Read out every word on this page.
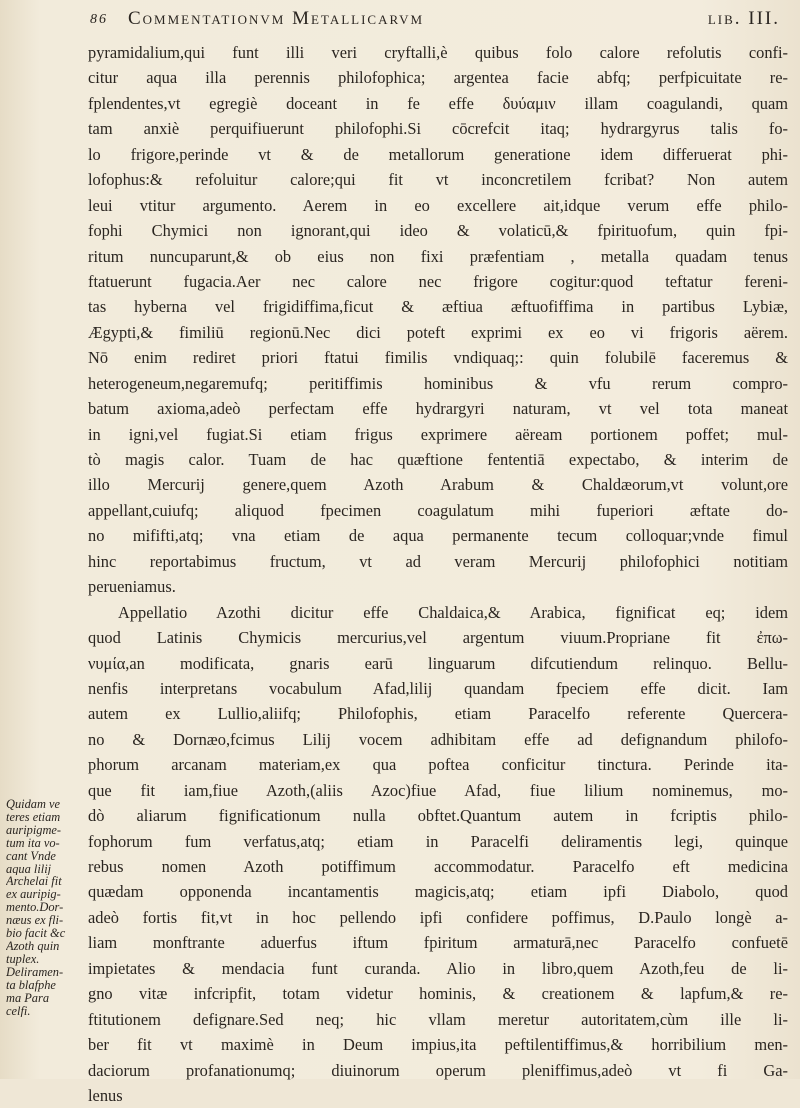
86 Commentationvm Metallicarvm	lib. III.
pyramidalium,qui funt illi veri cryftalli,è quibus folo calore refolutis confi-
citur aqua illa perennis philofophica; argentea facie abfq; perfpicuitate re-
fplendentes,vt egregiè doceant in fe effe δυύαμιν illam coagulandi, quam
tam anxiè perquifiuerunt philofophi.Si cōcrefcit itaq; hydrargyrus talis fo-
lo frigore,perinde vt & de metallorum generatione idem differuerat phi-
lofophus:& refoluitur calore;qui fit vt inconcretilem fcribat? Non autem
leui vtitur argumento. Aerem in eo excellere ait,idque verum effe philo-
fophi Chymici non ignorant,qui ideo & volaticū,& fpirituofum, quin fpi-
ritum nuncuparunt,& ob eius non fixi præfentiam , metalla quadam tenus
ftatuerunt fugacia.Aer nec calore nec frigore cogitur:quod teftatur fereni-
tas hyberna vel frigidiffima,ficut & æftiua æftuofiffima in partibus Lybiæ,
Ægypti,& fimiliū regionū.Nec dici poteft exprimi ex eo vi frigoris aërem.
Nō enim rediret priori ftatui fimilis vndiquaq;: quin folubilē faceremus &
heterogeneum,negaremufq; peritiffimis hominibus & vfu rerum compro-
batum axioma,adeò perfectam effe hydrargyri naturam, vt vel tota maneat
in igni,vel fugiat.Si etiam frigus exprimere aëream portionem poffet; mul-
tò magis calor. Tuam de hac quæftione fententiā expectabo, & interim de
illo Mercurij genere,quem Azoth Arabum & Chaldæorum,vt volunt,ore
appellant,cuiufq; aliquod fpecimen coagulatum mihi fuperiori æftate do-
no mififti,atq; vna etiam de aqua permanente tecum colloquar;vnde fimul
hinc reportabimus fructum, vt ad veram Mercurij philofophici notitiam
perueniamus.
Appellatio Azothi dicitur effe Chaldaica,& Arabica, fignificat eq; idem
quod Latinis Chymicis mercurius,vel argentum viuum.Propriane fit ἐπω-
νυμία,an modificata, gnaris earū linguarum difcutiendum relinquo. Bellu-
nenfis interpretans vocabulum Afad,lilij quandam fpeciem effe dicit. Iam
autem ex Lullio,aliifq; Philofophis, etiam Paracelfo referente Quercera-
no & Dornæo,fcimus Lilij vocem adhibitam effe ad defignandum philofo-
phorum arcanam materiam,ex qua poftea conficitur tinctura. Perinde ita-
que fit iam,fiue Azoth,(aliis Azoc)fiue Afad, fiue lilium nominemus, mo-
dò aliarum fignificationum nulla obftet.Quantum autem in fcriptis philo-
fophorum fum verfatus,atq; etiam in Paracelfi deliramentis legi, quinque
rebus nomen Azoth potiffimum accommodatur. Paracelfo eft medicina
quædam opponenda incantamentis magicis,atq; etiam ipfi Diabolo, quod
adeò fortis fit,vt in hoc pellendo ipfi confidere poffimus, D.Paulo longè a-
liam monftrante aduerfus iftum fpiritum armaturā,nec Paracelfo confuetē
impietates & mendacia funt curanda. Alio in libro,quem Azoth,feu de li-
gno vitæ infcripfit, totam videtur hominis, & creationem & lapfum,& re-
ftitutionem defignare.Sed neq; hic vllam meretur autoritatem,cùm ille li-
ber fit vt maximè in Deum impius,ita peftilentiffimus,& horribilium men-
daciorum profanationumq; diuinorum operum pleniffimus,adeò vt fi Ga-
lenus
Quidam ve
teres etiam
auripigme-
tum ita vo-
cant Vnde
aqua lilij
Archelai fit
ex auripig-
mento.Dor-
næus ex fli-
bio facit &c
Azoth quin
tuplex.
Deliramen-
ta blafphe
ma Para
celfi.
